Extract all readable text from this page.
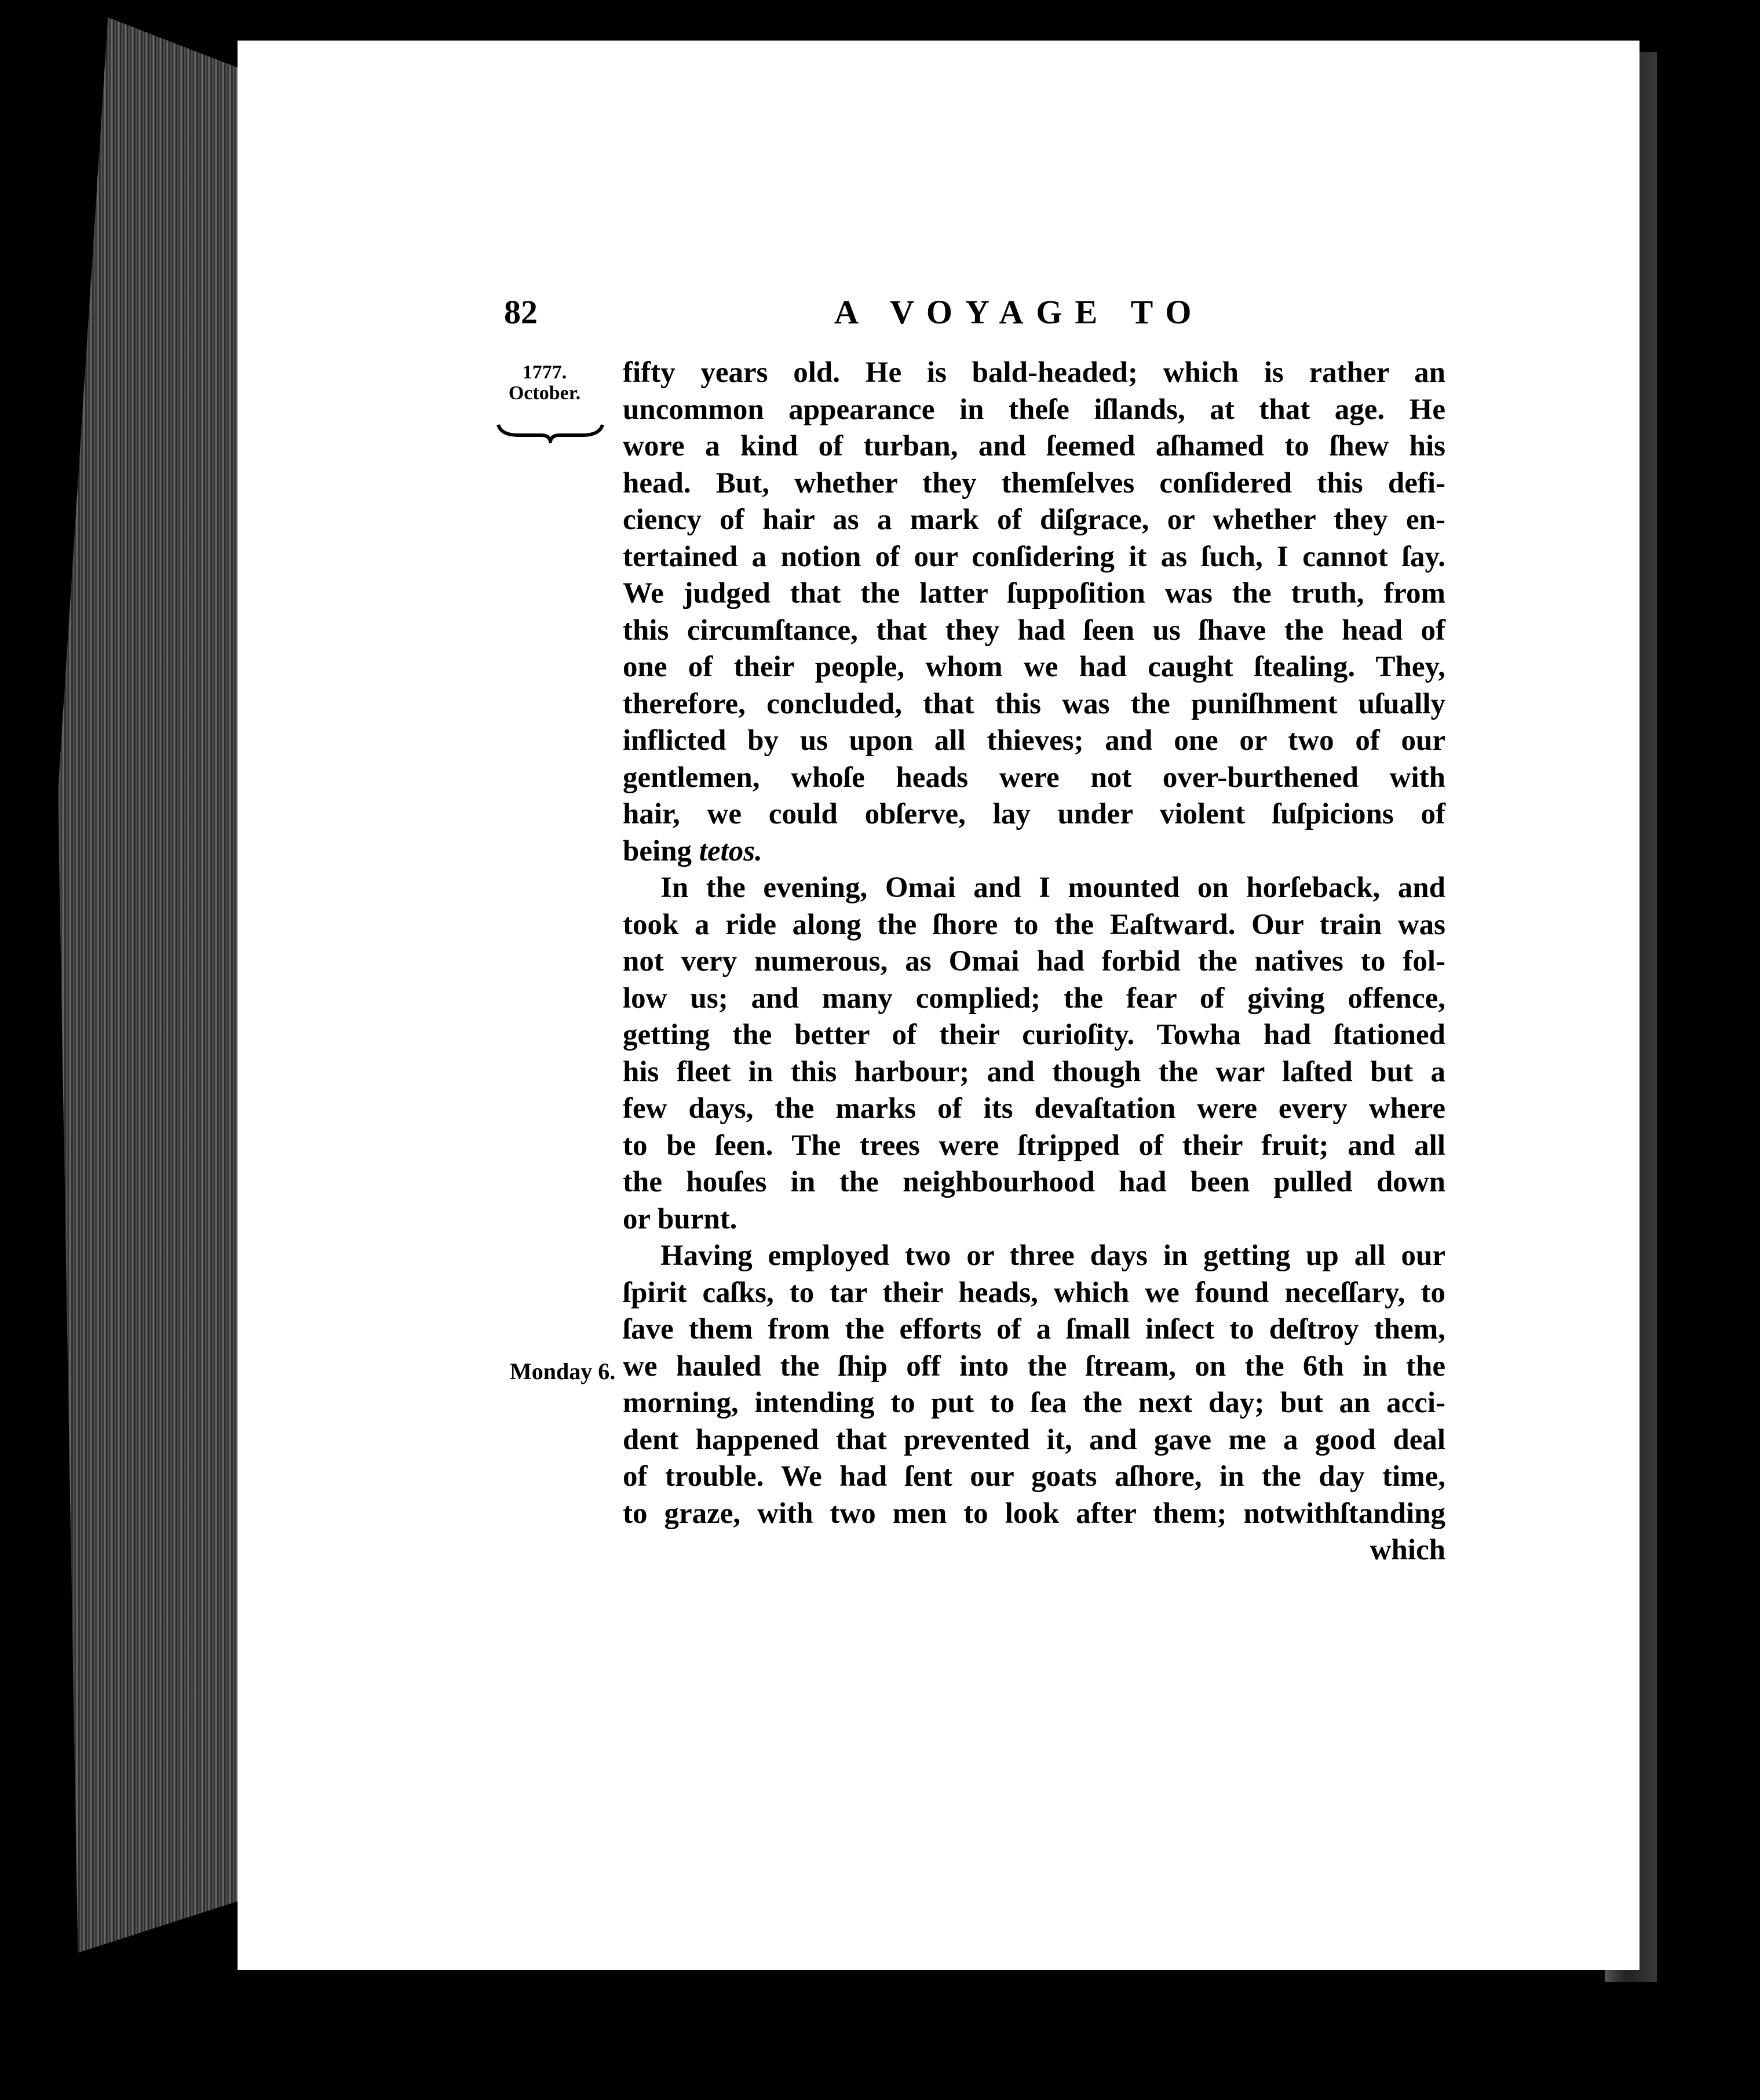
82	A VOYAGE TO
1777.
October.
Monday 6.
fifty years old. He is bald-headed; which is rather an
uncommon appearance in theſe iſlands, at that age. He
wore a kind of turban, and ſeemed aſhamed to ſhew his
head. But, whether they themſelves conſidered this defi-
ciency of hair as a mark of diſgrace, or whether they en-
tertained a notion of our conſidering it as ſuch, I cannot ſay.
We judged that the latter ſuppoſition was the truth, from
this circumſtance, that they had ſeen us ſhave the head of
one of their people, whom we had caught ſtealing. They,
therefore, concluded, that this was the puniſhment uſually
inflicted by us upon all thieves; and one or two of our
gentlemen, whoſe heads were not over-burthened with
hair, we could obſerve, lay under violent ſuſpicions of
being tetos.
In the evening, Omai and I mounted on horſeback, and
took a ride along the ſhore to the Eaſtward. Our train was
not very numerous, as Omai had forbid the natives to fol-
low us; and many complied; the fear of giving offence,
getting the better of their curioſity. Towha had ſtationed
his fleet in this harbour; and though the war laſted but a
few days, the marks of its devaſtation were every where
to be ſeen. The trees were ſtripped of their fruit; and all
the houſes in the neighbourhood had been pulled down
or burnt.
Having employed two or three days in getting up all our
ſpirit caſks, to tar their heads, which we found neceſſary, to
ſave them from the efforts of a ſmall inſect to deſtroy them,
we hauled the ſhip off into the ſtream, on the 6th in the
morning, intending to put to ſea the next day; but an acci-
dent happened that prevented it, and gave me a good deal
of trouble. We had ſent our goats aſhore, in the day time,
to graze, with two men to look after them; notwithſtanding
which
